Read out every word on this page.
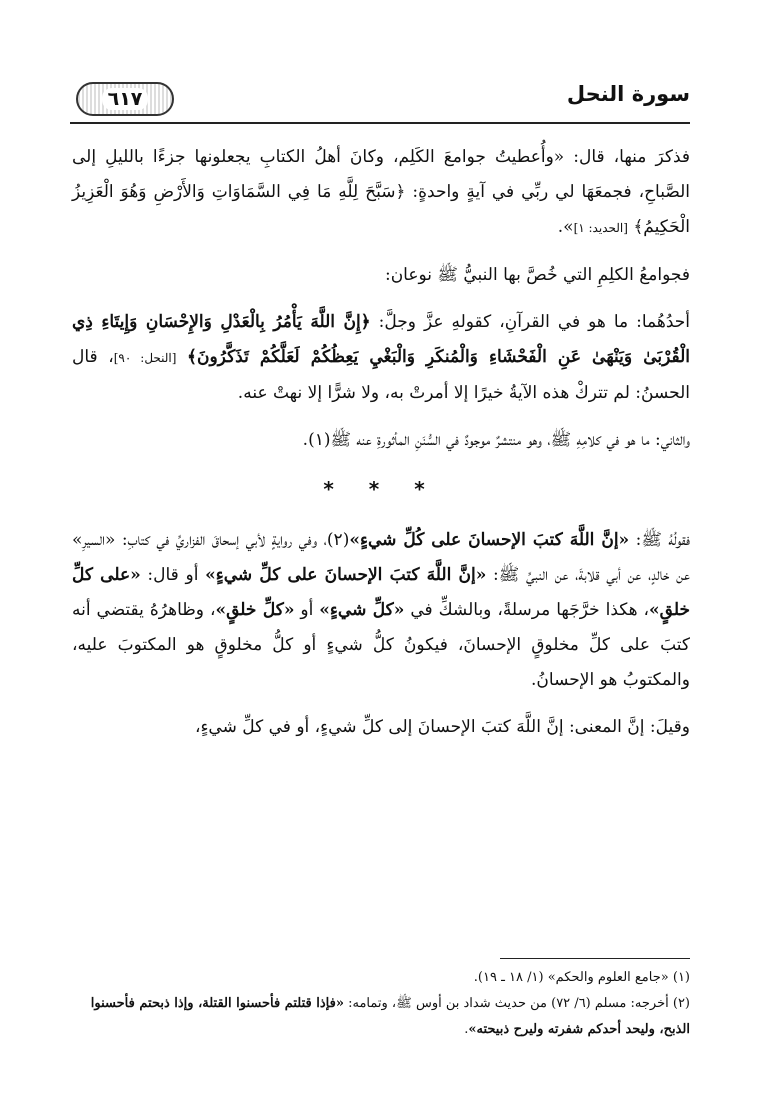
سورة النحل
٦١٧

فذكرَ منها، قال: «وأُعطيتُ جوامعَ الكَلِم، وكانَ أهلُ الكتابِ يجعلونها جزءًا بالليلِ إلى الصَّباحِ، فجمعَهَا لي ربِّي في آيةٍ واحدةٍ: ﴿سَبَّحَ لِلَّهِ مَا فِي السَّمَاوَاتِ وَالأَرْضِ وَهُوَ الْعَزِيزُ الْحَكِيمُ﴾ [الحديد: ١]».

فجوامعُ الكلِمِ التي خُصَّ بها النبيُّ ﷺ نوعان:

أحدُهُما: ما هو في القرآنِ، كقولهِ عزَّ وجلَّ: ﴿إِنَّ اللَّهَ يَأْمُرُ بِالْعَدْلِ وَالإِحْسَانِ وَإِيتَاءِ ذِي الْقُرْبَىٰ وَيَنْهَىٰ عَنِ الْفَحْشَاءِ وَالْمُنكَرِ وَالْبَغْيِ يَعِظُكُمْ لَعَلَّكُمْ تَذَكَّرُونَ﴾ [النحل: ٩٠]، قال الحسنُ: لم تتركْ هذه الآيةُ خيرًا إلا أمرتْ به، ولا شرًّا إلا نهتْ عنه.

والثاني: ما هو في كلامِهِ ﷺ، وهو منتشرٌ موجودٌ في السُّنَنِ المأثورةِ عنه ﷺ(١).

* * *

فقولُهُ ﷺ: «إنَّ اللَّهَ كتبَ الإحسانَ على كُلِّ شيءٍ»(٢)، وفي روايةٍ لأبي إسحاقَ الفزاريِّ في كتابِ: «السيرِ» عن خالدٍ، عن أبي قلابةَ، عن النبيِّ ﷺ: «إنَّ اللَّهَ كتبَ الإحسانَ على كلِّ شيءٍ» أو قال: «على كلِّ خلقٍ»، هكذا خرَّجَها مرسلةً، وبالشكِّ في «كلِّ شيءٍ» أو «كلِّ خلقٍ»، وظاهرُهُ يقتضي أنه كتبَ على كلِّ مخلوقٍ الإحسانَ، فيكونُ كلُّ شيءٍ أو كلُّ مخلوقٍ هو المكتوبَ عليه، والمكتوبُ هو الإحسانُ.

وقيلَ: إنَّ المعنى: إنَّ اللَّهَ كتبَ الإحسانَ إلى كلِّ شيءٍ، أو في كلِّ شيءٍ،

(١) «جامع العلوم والحكم» (١/ ١٨ ـ ١٩).

(٢) أخرجه: مسلم (٦/ ٧٢) من حديث شداد بن أوس ﷺ، وتمامه: «فإذا قتلتم فأحسنوا القتلة، وإذا ذبحتم فأحسنوا الذبح، وليحد أحدكم شفرته وليرح ذبيحته».
